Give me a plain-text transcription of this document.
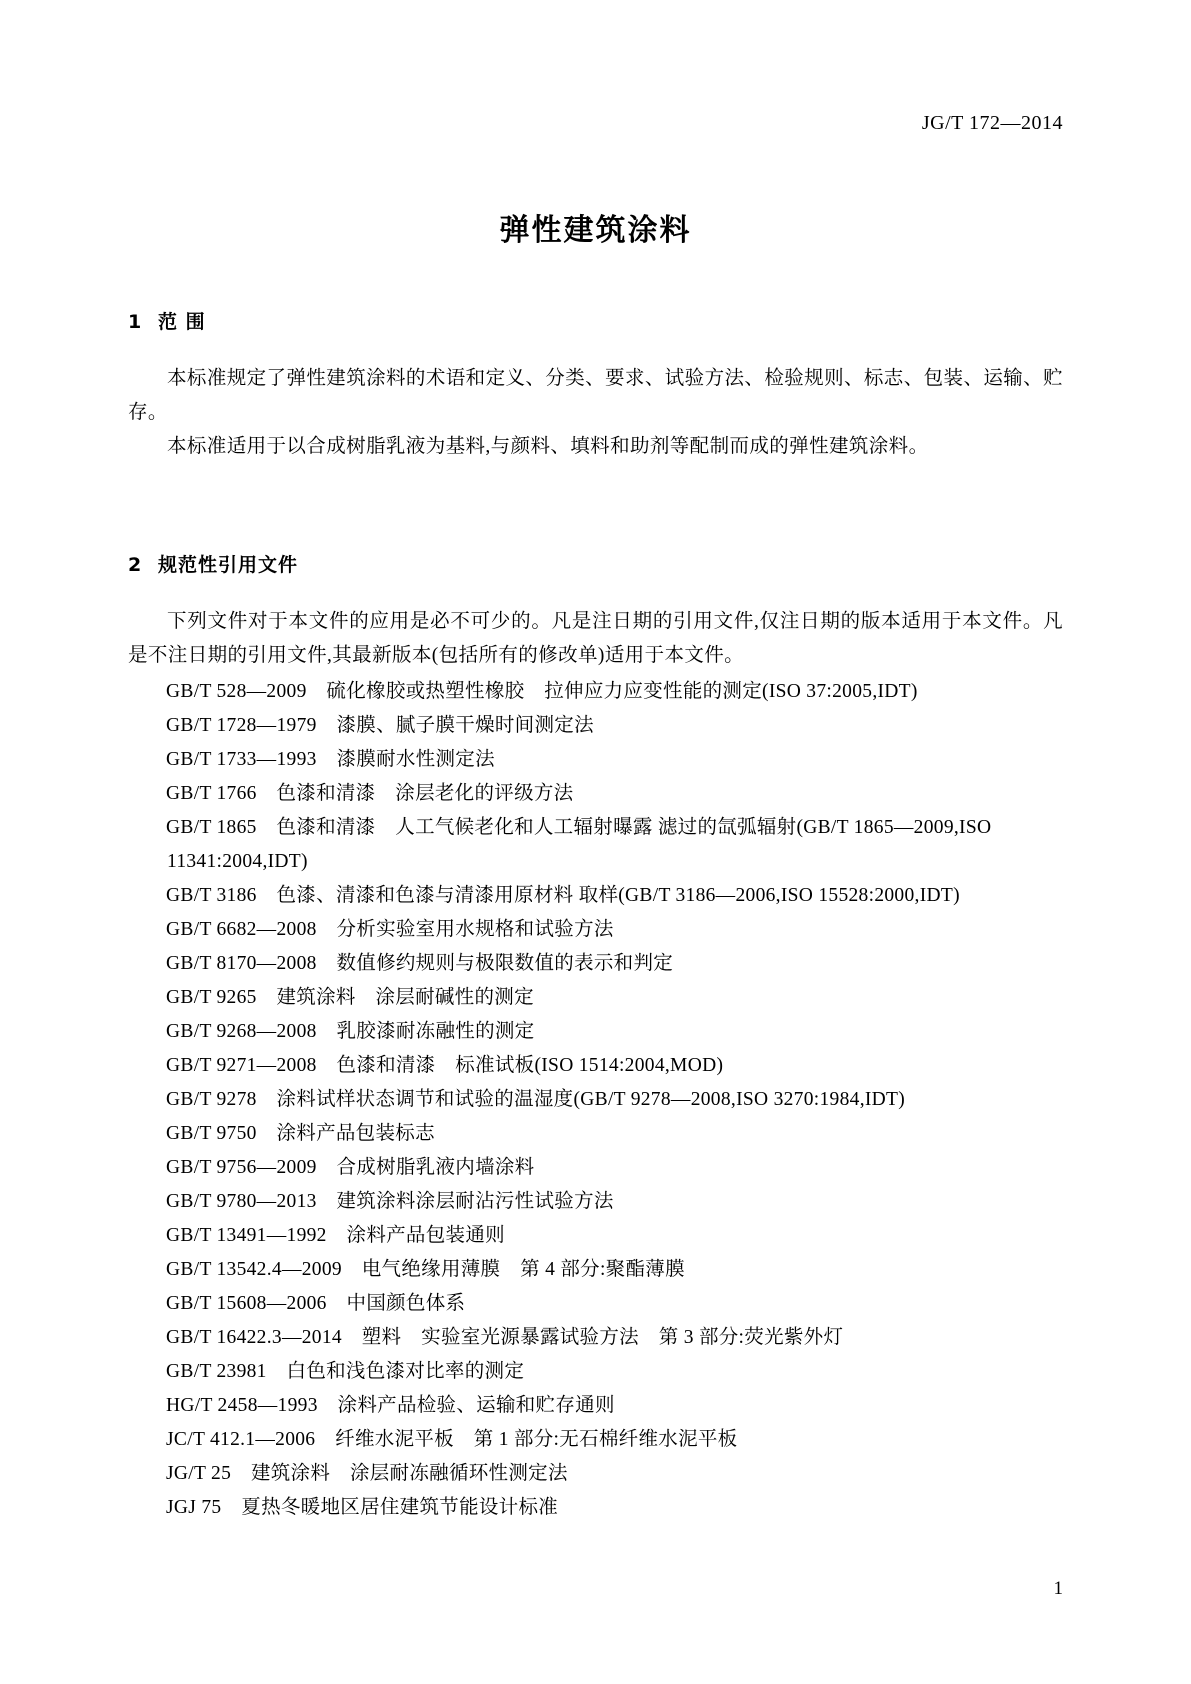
JG/T 172—2014
弹性建筑涂料
1 范 围

本标准规定了弹性建筑涂料的术语和定义、分类、要求、试验方法、检验规则、标志、包装、运输、贮存。

本标准适用于以合成树脂乳液为基料,与颜料、填料和助剂等配制而成的弹性建筑涂料。

2 规范性引用文件

下列文件对于本文件的应用是必不可少的。凡是注日期的引用文件,仅注日期的版本适用于本文件。凡是不注日期的引用文件,其最新版本(包括所有的修改单)适用于本文件。

GB/T 528—2009　硫化橡胶或热塑性橡胶　拉伸应力应变性能的测定(ISO 37:2005,IDT)

GB/T 1728—1979　漆膜、腻子膜干燥时间测定法

GB/T 1733—1993　漆膜耐水性测定法

GB/T 1766　色漆和清漆　涂层老化的评级方法

GB/T 1865　色漆和清漆　人工气候老化和人工辐射曝露 滤过的氙弧辐射(GB/T 1865—2009,ISO 11341:2004,IDT)

GB/T 3186　色漆、清漆和色漆与清漆用原材料 取样(GB/T 3186—2006,ISO 15528:2000,IDT)

GB/T 6682—2008　分析实验室用水规格和试验方法

GB/T 8170—2008　数值修约规则与极限数值的表示和判定

GB/T 9265　建筑涂料　涂层耐碱性的测定

GB/T 9268—2008　乳胶漆耐冻融性的测定

GB/T 9271—2008　色漆和清漆　标准试板(ISO 1514:2004,MOD)

GB/T 9278　涂料试样状态调节和试验的温湿度(GB/T 9278—2008,ISO 3270:1984,IDT)

GB/T 9750　涂料产品包装标志

GB/T 9756—2009　合成树脂乳液内墙涂料

GB/T 9780—2013　建筑涂料涂层耐沾污性试验方法

GB/T 13491—1992　涂料产品包装通则

GB/T 13542.4—2009　电气绝缘用薄膜　第 4 部分:聚酯薄膜

GB/T 15608—2006　中国颜色体系

GB/T 16422.3—2014　塑料　实验室光源暴露试验方法　第 3 部分:荧光紫外灯

GB/T 23981　白色和浅色漆对比率的测定

HG/T 2458—1993　涂料产品检验、运输和贮存通则

JC/T 412.1—2006　纤维水泥平板　第 1 部分:无石棉纤维水泥平板

JG/T 25　建筑涂料　涂层耐冻融循环性测定法

JGJ 75　夏热冬暖地区居住建筑节能设计标准

1
